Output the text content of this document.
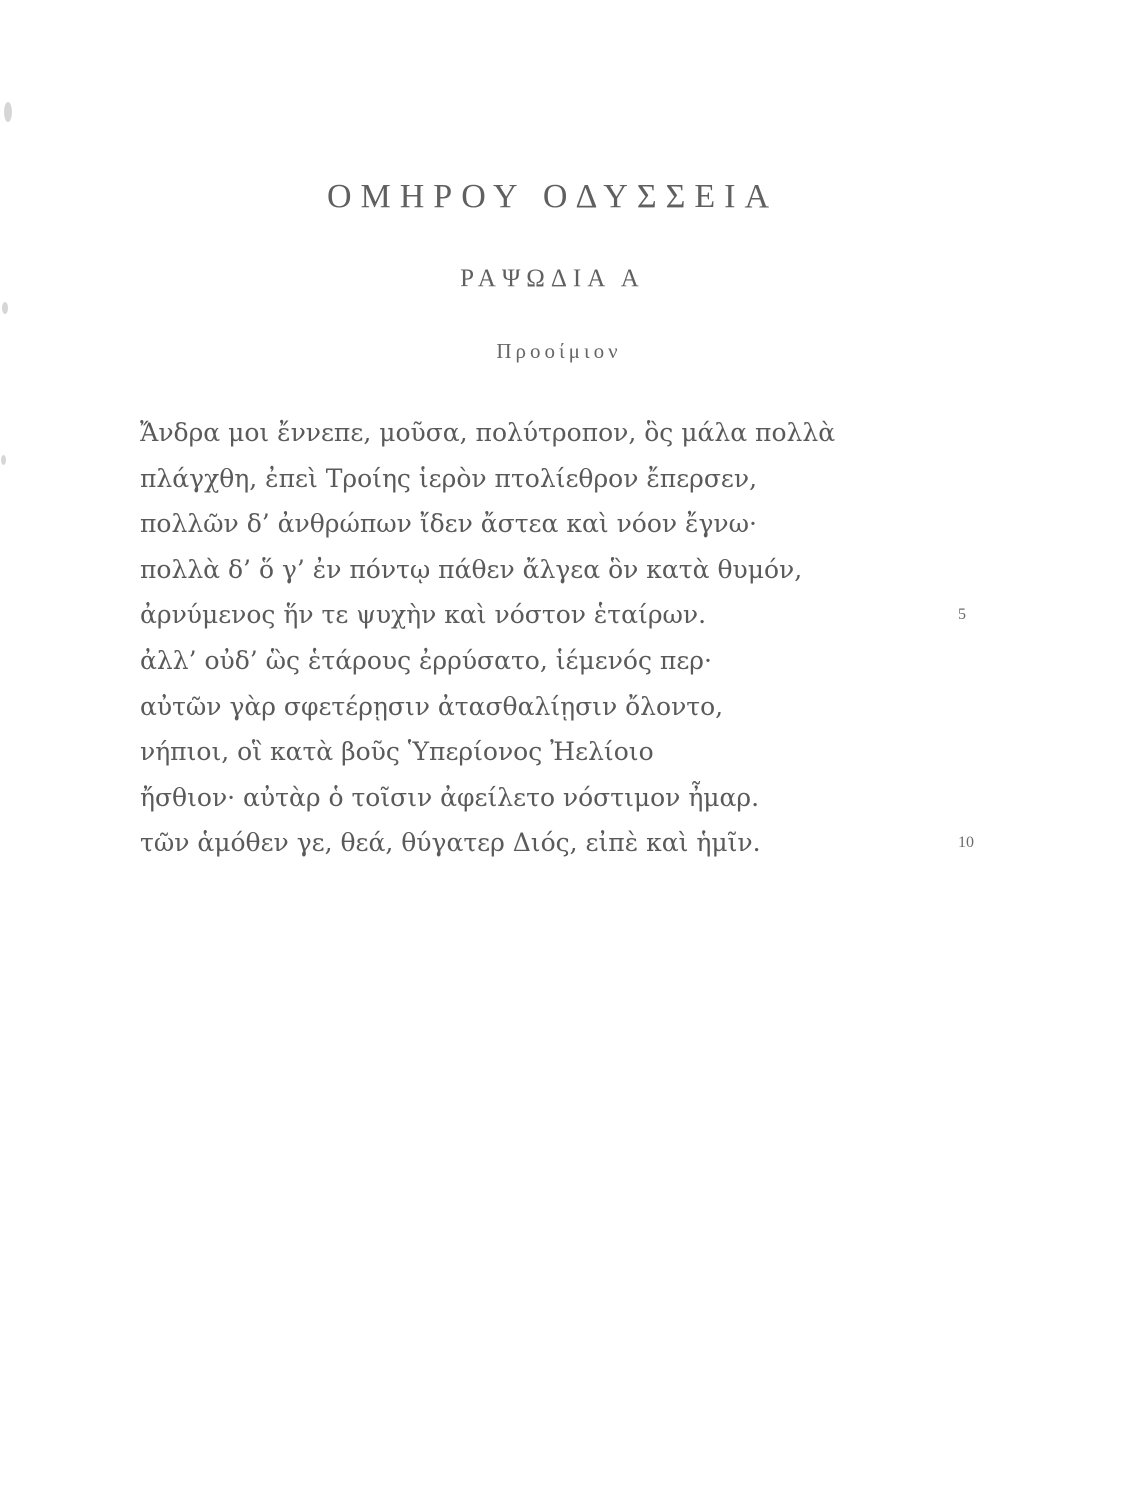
ΟΜΗΡΟΥ ΟΔΥΣΣΕΙΑ
ΡΑΨΩΔΙΑ Α
Προοίμιον
Ἄνδρα μοι ἔννεπε, μοῦσα, πολύτροπον, ὃς μάλα πολλὰ
πλάγχθη, ἐπεὶ Τροίης ἱερὸν πτολίεθρον ἔπερσεν,
πολλῶν δ’ ἀνθρώπων ἴδεν ἄστεα καὶ νόον ἔγνω·
πολλὰ δ’ ὅ γ’ ἐν πόντῳ πάθεν ἄλγεα ὃν κατὰ θυμόν,
ἀρνύμενος ἥν τε ψυχὴν καὶ νόστον ἑταίρων.	5
ἀλλ’ οὐδ’ ὣς ἑτάρους ἐρρύσατο, ἱέμενός περ·
αὐτῶν γὰρ σφετέρῃσιν ἀτασθαλίῃσιν ὄλοντο,
νήπιοι, οἳ κατὰ βοῦς Ὑπερίονος Ἠελίοιο
ἤσθιον· αὐτὰρ ὁ τοῖσιν ἀφείλετο νόστιμον ἦμαρ.
τῶν ἁμόθεν γε, θεά, θύγατερ Διός, εἰπὲ καὶ ἡμῖν.	10
